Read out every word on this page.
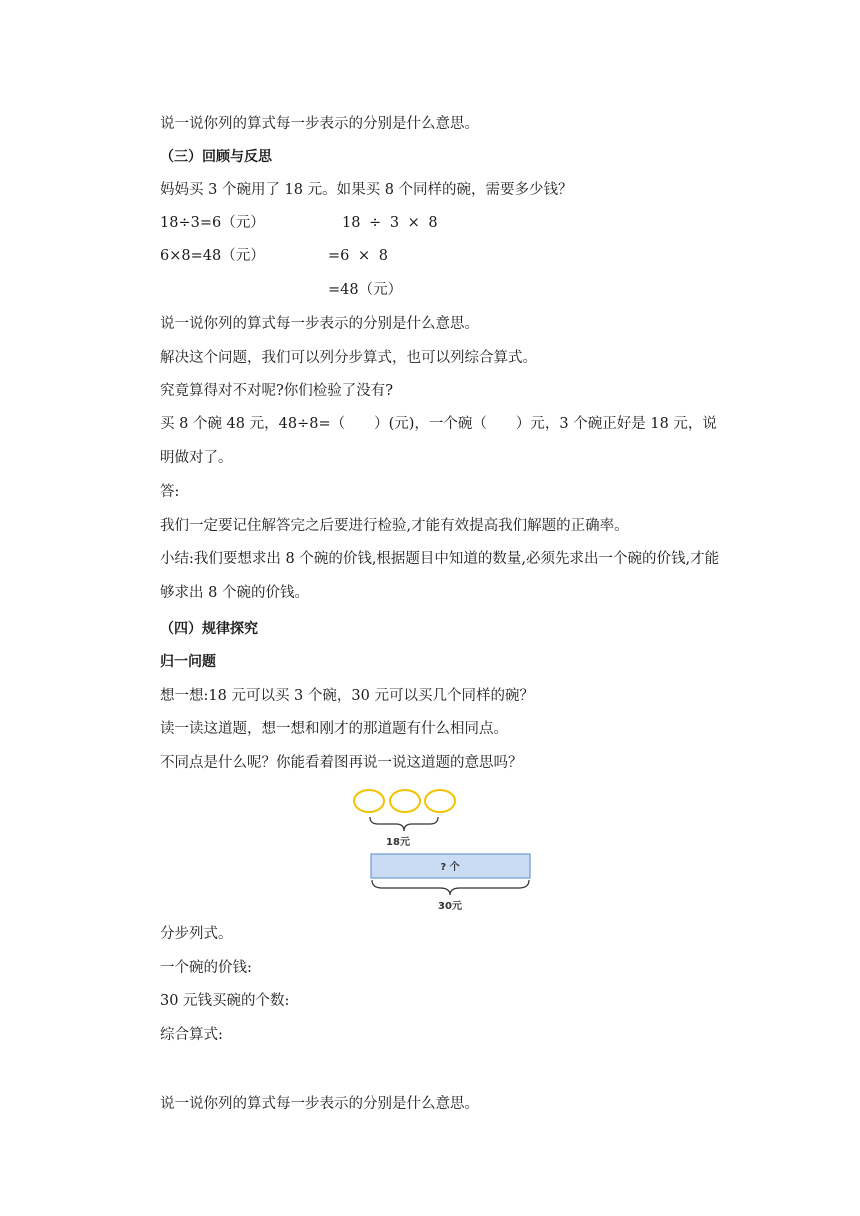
说一说你列的算式每一步表示的分别是什么意思。
（三）回顾与反思
妈妈买 3 个碗用了 18 元。如果买 8 个同样的碗，需要多少钱？
18÷3=6（元）	18 ÷ 3 × 8
6×8=48（元）	=6 × 8
=48（元）
说一说你列的算式每一步表示的分别是什么意思。
解决这个问题，我们可以列分步算式，也可以列综合算式。
究竟算得对不对呢?你们检验了没有?
买 8 个碗 48 元，48÷8=（　　）(元)，一个碗（　　）元，3 个碗正好是 18 元，说明做对了。
答:
我们一定要记住解答完之后要进行检验,才能有效提高我们解题的正确率。
小结:我们要想求出 8 个碗的价钱,根据题目中知道的数量,必须先求出一个碗的价钱,才能够求出 8 个碗的价钱。
（四）规律探究
归一问题
想一想:18 元可以买 3 个碗，30 元可以买几个同样的碗？
读一读这道题，想一想和刚才的那道题有什么相同点。
不同点是什么呢？你能看着图再说一说这道题的意思吗？
18元
? 个
30元
分步列式。
一个碗的价钱:
30 元钱买碗的个数:
综合算式:
说一说你列的算式每一步表示的分别是什么意思。
